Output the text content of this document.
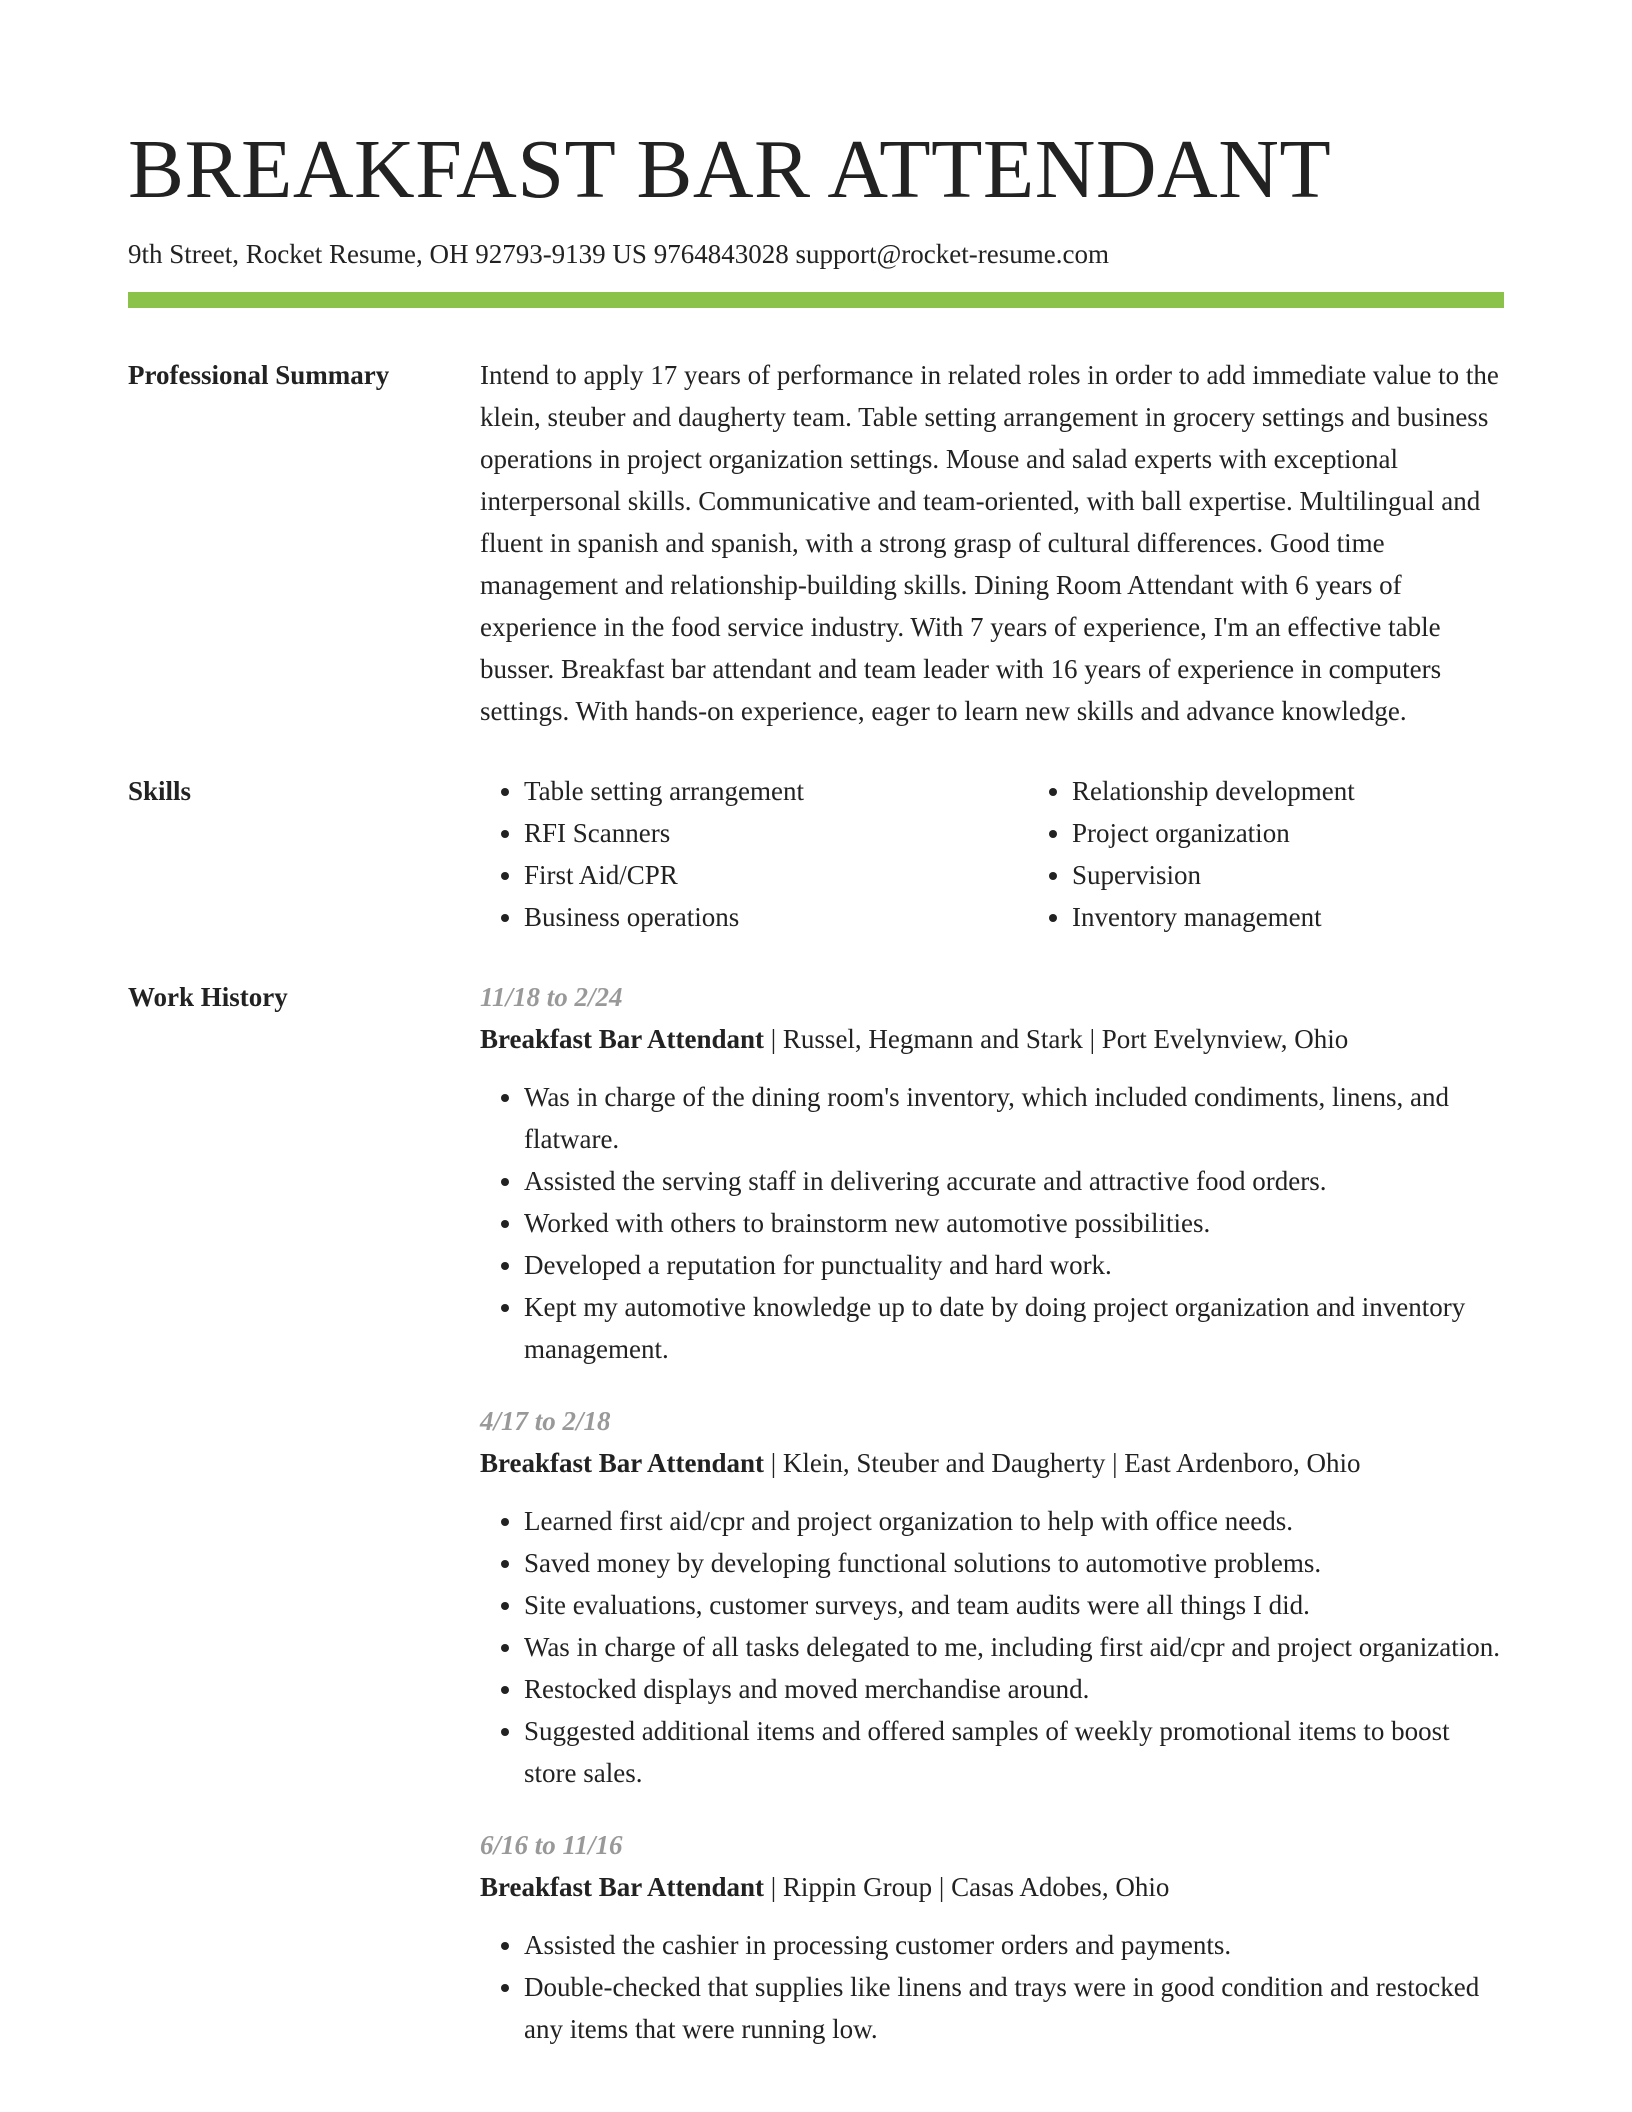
BREAKFAST BAR ATTENDANT
9th Street, Rocket Resume, OH 92793-9139 US 9764843028 support@rocket-resume.com
Professional Summary	Intend to apply 17 years of performance in related roles in order to add immediate value to the klein, steuber and daugherty team. Table setting arrangement in grocery settings and business operations in project organization settings. Mouse and salad experts with exceptional interpersonal skills. Communicative and team-oriented, with ball expertise. Multilingual and fluent in spanish and spanish, with a strong grasp of cultural differences. Good time management and relationship-building skills. Dining Room Attendant with 6 years of experience in the food service industry. With 7 years of experience, I'm an effective table busser. Breakfast bar attendant and team leader with 16 years of experience in computers settings. With hands-on experience, eager to learn new skills and advance knowledge.
Skills
•	Table setting arrangement
• RFI Scanners
• First Aid/CPR
• Business operations
• Relationship development
• Project organization
• Supervision
• Inventory management
Work History	11/18 to 2/24
Breakfast Bar Attendant | Russel, Hegmann and Stark | Port Evelynview, Ohio
• Was in charge of the dining room's inventory, which included condiments, linens, and flatware.
• Assisted the serving staff in delivering accurate and attractive food orders.
• Worked with others to brainstorm new automotive possibilities.
• Developed a reputation for punctuality and hard work.
• Kept my automotive knowledge up to date by doing project organization and inventory management.
4/17 to 2/18
Breakfast Bar Attendant | Klein, Steuber and Daugherty | East Ardenboro, Ohio
• Learned first aid/cpr and project organization to help with office needs.
• Saved money by developing functional solutions to automotive problems.
• Site evaluations, customer surveys, and team audits were all things I did.
• Was in charge of all tasks delegated to me, including first aid/cpr and project organization.
• Restocked displays and moved merchandise around.
• Suggested additional items and offered samples of weekly promotional items to boost store sales.
6/16 to 11/16
Breakfast Bar Attendant | Rippin Group | Casas Adobes, Ohio
• Assisted the cashier in processing customer orders and payments.
• Double-checked that supplies like linens and trays were in good condition and restocked any items that were running low.
